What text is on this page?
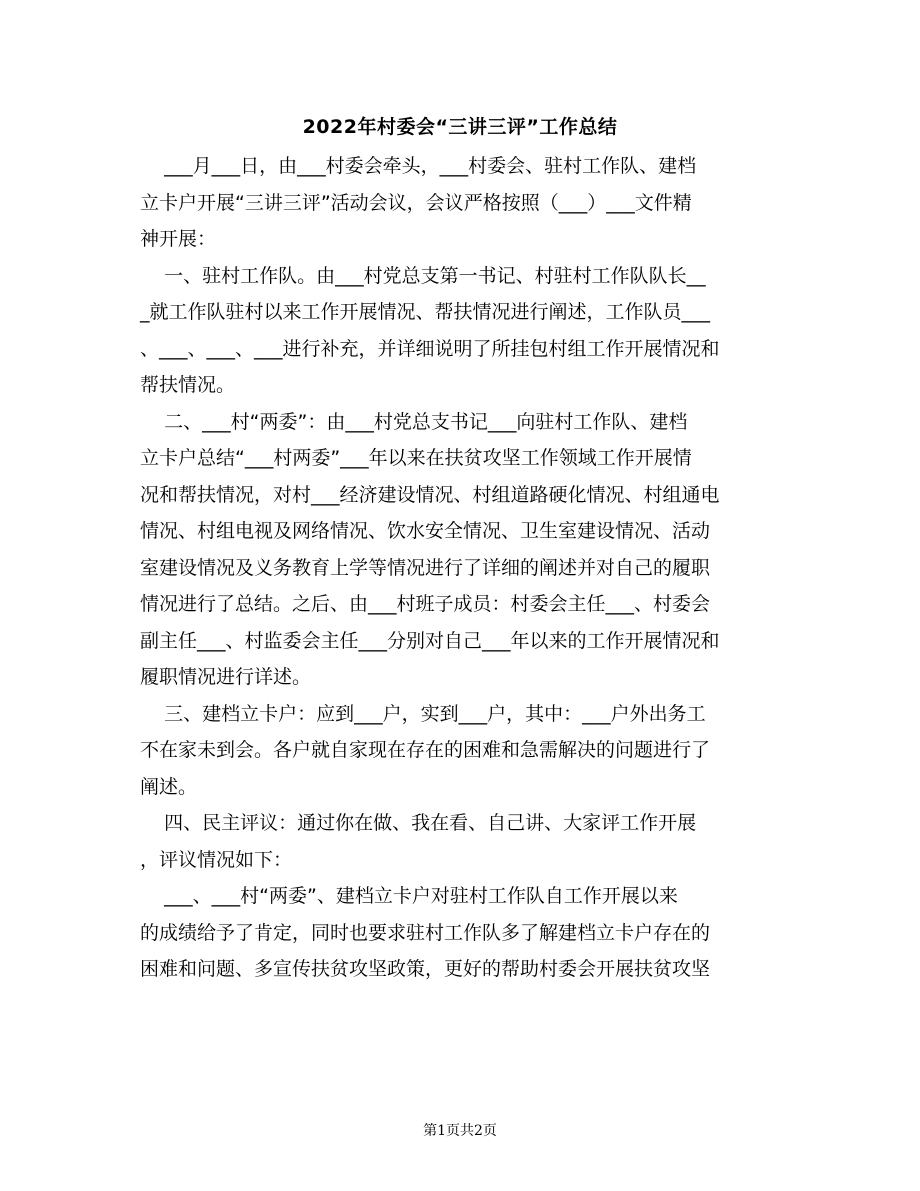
2022年村委会“三讲三评”工作总结
___月___日，由___村委会牵头，___村委会、驻村工作队、建档
立卡户开展“三讲三评”活动会议，会议严格按照（___）___文件精
神开展：
一、驻村工作队。由___村党总支第一书记、村驻村工作队队长__
_就工作队驻村以来工作开展情况、帮扶情况进行阐述，工作队员___
、___、___、___进行补充，并详细说明了所挂包村组工作开展情况和
帮扶情况。
二、___村“两委”：由___村党总支书记___向驻村工作队、建档
立卡户总结“___村两委”___年以来在扶贫攻坚工作领域工作开展情
况和帮扶情况，对村___经济建设情况、村组道路硬化情况、村组通电
情况、村组电视及网络情况、饮水安全情况、卫生室建设情况、活动
室建设情况及义务教育上学等情况进行了详细的阐述并对自己的履职
情况进行了总结。之后、由___村班子成员：村委会主任___、村委会
副主任___、村监委会主任___分别对自己___年以来的工作开展情况和
履职情况进行详述。
三、建档立卡户：应到___户，实到___户，其中：___户外出务工
不在家未到会。各户就自家现在存在的困难和急需解决的问题进行了
阐述。
四、民主评议：通过你在做、我在看、自己讲、大家评工作开展
，评议情况如下：
___、___村“两委”、建档立卡户对驻村工作队自工作开展以来
的成绩给予了肯定，同时也要求驻村工作队多了解建档立卡户存在的
困难和问题、多宣传扶贫攻坚政策，更好的帮助村委会开展扶贫攻坚
第1页共2页
